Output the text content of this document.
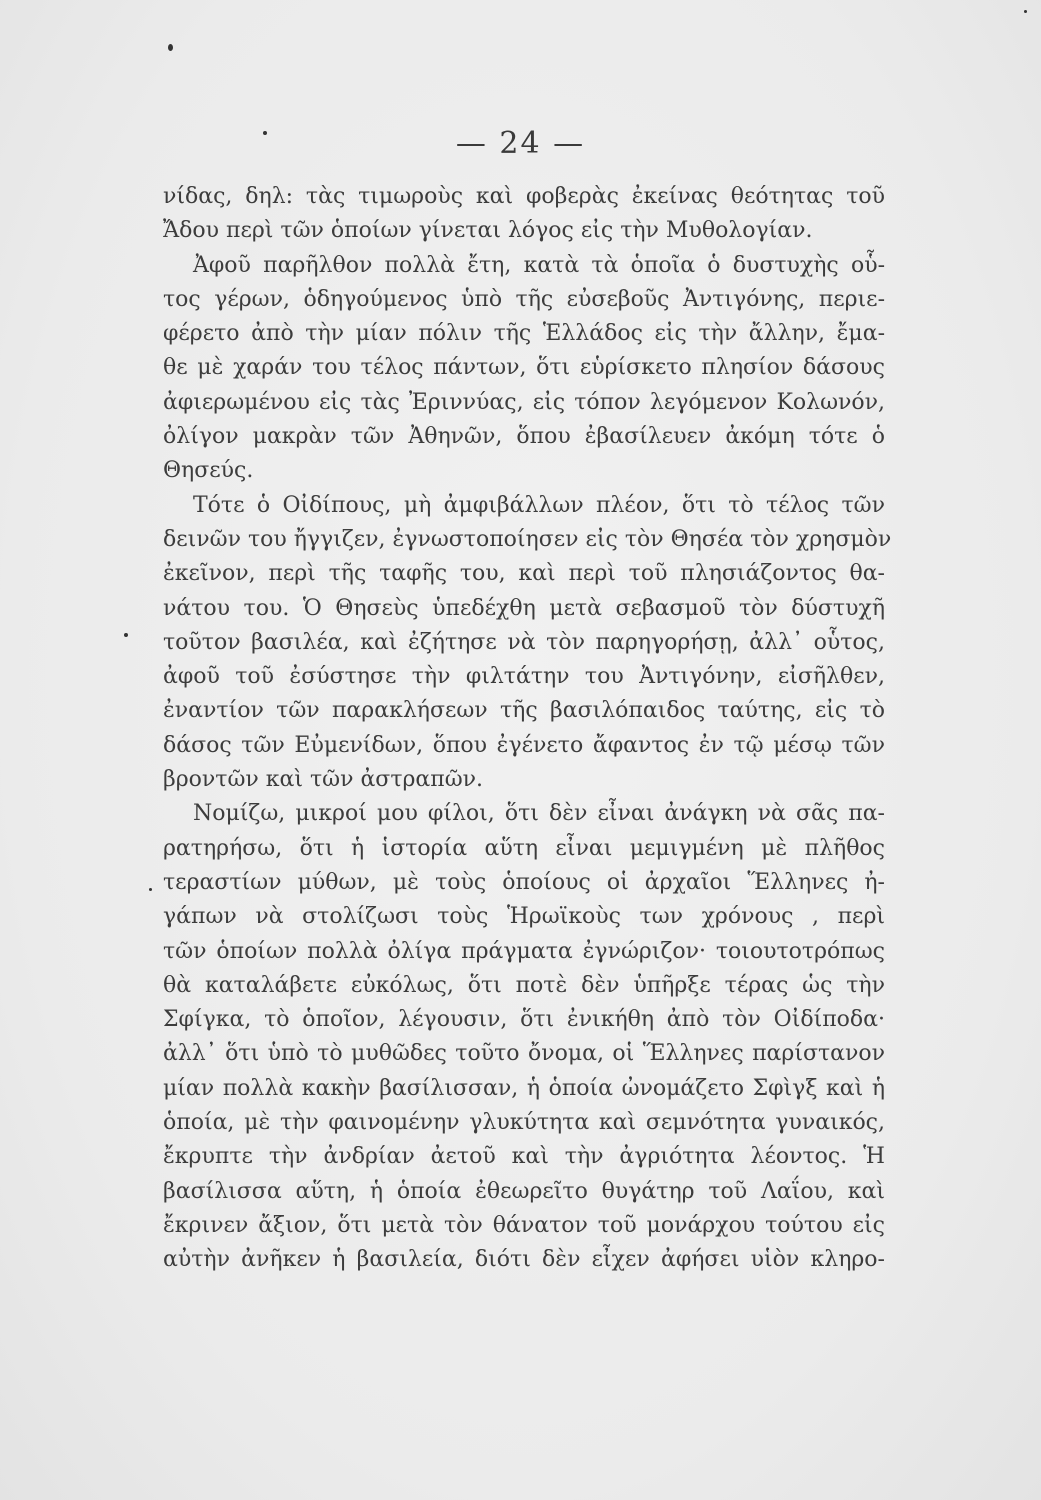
— 24 —
νίδας, δηλ: τὰς τιμωροὺς καὶ φοβερὰς ἐκείνας θεότητας τοῦ
Ἄδου περὶ τῶν ὁποίων γίνεται λόγος εἰς τὴν Μυθολογίαν.
Ἀφοῦ παρῆλθον πολλὰ ἔτη, κατὰ τὰ ὁποῖα ὁ δυστυχὴς οὗ-
τος γέρων, ὁδηγούμενος ὑπὸ τῆς εὐσεβοῦς Ἀντιγόνης, περιε-
φέρετο ἀπὸ τὴν μίαν πόλιν τῆς Ἑλλάδος εἰς τὴν ἄλλην, ἔμα-
θε μὲ χαράν του τέλος πάντων, ὅτι εὑρίσκετο πλησίον δάσους
ἀφιερωμένου εἰς τὰς Ἐριννύας, εἰς τόπον λεγόμενον Κολωνόν,
ὀλίγον μακρὰν τῶν Ἀθηνῶν, ὅπου ἐβασίλευεν ἀκόμη τότε ὁ
Θησεύς.
Τότε ὁ Οἰδίπους, μὴ ἀμφιβάλλων πλέον, ὅτι τὸ τέλος τῶν
δεινῶν του ἤγγιζεν, ἐγνωστοποίησεν εἰς τὸν Θησέα τὸν χρησμὸν
ἐκεῖνον, περὶ τῆς ταφῆς του, καὶ περὶ τοῦ πλησιάζοντος θα-
νάτου του. Ὁ Θησεὺς ὑπεδέχθη μετὰ σεβασμοῦ τὸν δύστυχῆ
τοῦτον βασιλέα, καὶ ἐζήτησε νὰ τὸν παρηγορήσῃ, ἀλλ᾽ οὗτος,
ἀφοῦ τοῦ ἐσύστησε τὴν φιλτάτην του Ἀντιγόνην, εἰσῆλθεν,
ἐναντίον τῶν παρακλήσεων τῆς βασιλόπαιδος ταύτης, εἰς τὸ
δάσος τῶν Εὐμενίδων, ὅπου ἐγένετο ἄφαντος ἐν τῷ μέσῳ τῶν
βροντῶν καὶ τῶν ἀστραπῶν.
Νομίζω, μικροί μου φίλοι, ὅτι δὲν εἶναι ἀνάγκη νὰ σᾶς πα-
ρατηρήσω, ὅτι ἡ ἱστορία αὕτη εἶναι μεμιγμένη μὲ πλῆθος
τεραστίων μύθων, μὲ τοὺς ὁποίους οἱ ἀρχαῖοι Ἕλληνες ἠ-
γάπων νὰ στολίζωσι τοὺς Ἡρωϊκοὺς των χρόνους , περὶ
τῶν ὁποίων πολλὰ ὀλίγα πράγματα ἐγνώριζον· τοιουτοτρόπως
θὰ καταλάβετε εὐκόλως, ὅτι ποτὲ δὲν ὑπῆρξε τέρας ὡς τὴν
Σφίγκα, τὸ ὁποῖον, λέγουσιν, ὅτι ἐνικήθη ἀπὸ τὸν Οἰδίποδα·
ἀλλ᾽ ὅτι ὑπὸ τὸ μυθῶδες τοῦτο ὄνομα, οἱ Ἕλληνες παρίστανον
μίαν πολλὰ κακὴν βασίλισσαν, ἡ ὁποία ὠνομάζετο Σφὶγξ καὶ ἡ
ὁποία, μὲ τὴν φαινομένην γλυκύτητα καὶ σεμνότητα γυναικός,
ἔκρυπτε τὴν ἀνδρίαν ἀετοῦ καὶ τὴν ἀγριότητα λέοντος. Ἡ
βασίλισσα αὕτη, ἡ ὁποία ἐθεωρεῖτο θυγάτηρ τοῦ Λαΐου, καὶ
ἔκρινεν ἄξιον, ὅτι μετὰ τὸν θάνατον τοῦ μονάρχου τούτου εἰς
αὐτὴν ἀνῆκεν ἡ βασιλεία, διότι δὲν εἶχεν ἀφήσει υἱὸν κληρο-
